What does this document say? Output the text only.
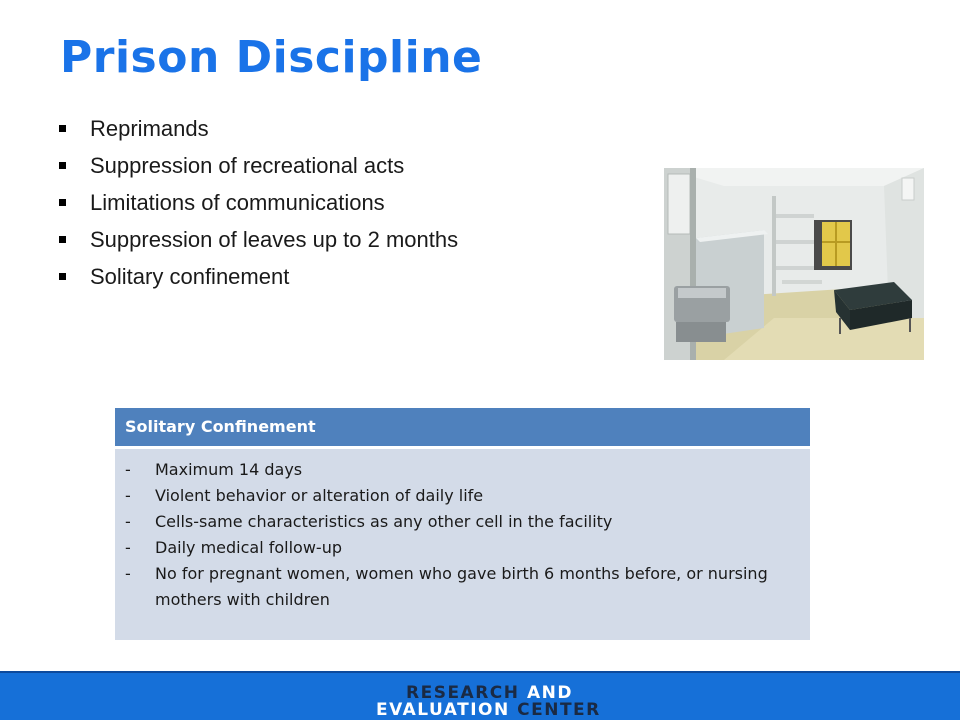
Prison Discipline
Reprimands
Suppression of recreational acts
Limitations of communications
Suppression of leaves up to 2 months
Solitary confinement
Solitary Confinement
-	Maximum 14 days
-	Violent behavior or alteration of daily life
-	Cells-same characteristics as any other cell in the facility
-	Daily medical follow-up
-	No for pregnant women, women who gave birth 6 months before, or nursing mothers with children
RESEARCH AND
EVALUATION CENTER
